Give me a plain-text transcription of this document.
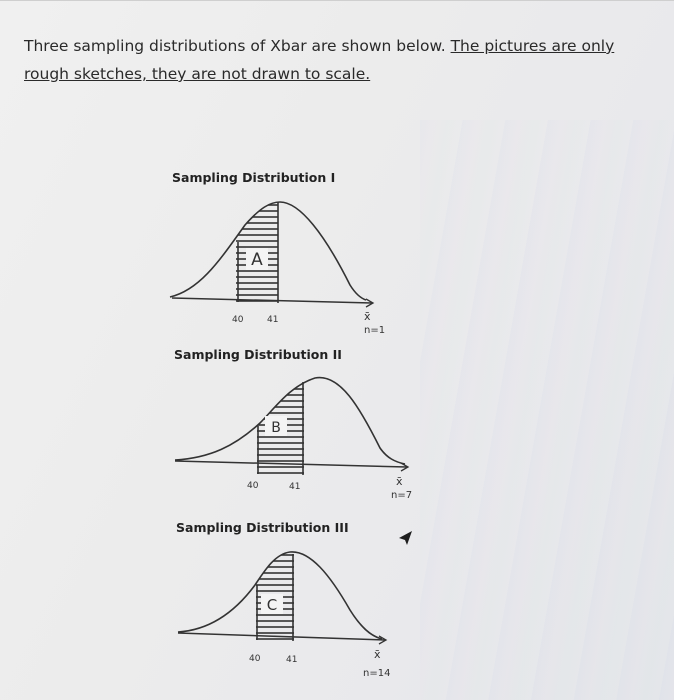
Three sampling distributions of Xbar are shown below. The pictures are only rough sketches, they are not drawn to scale.
Sampling Distribution I
A
40	41	x̄
n=1
Sampling Distribution II
B
40	41	x̄
n=7
Sampling Distribution III
C
40	41	x̄
n=14
